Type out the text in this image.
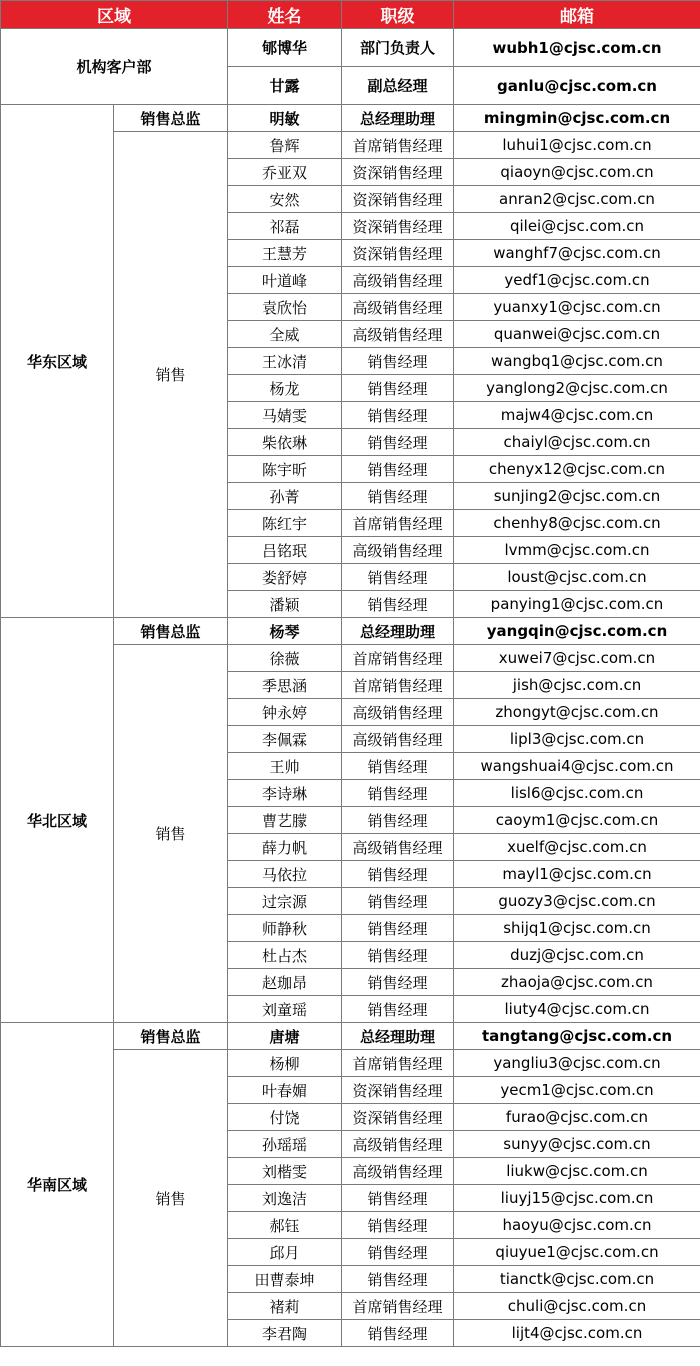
区域		姓名	职级	邮箱
机构客户部		郇博华	部门负责人	wubh1@cjsc.com.cn
		甘露	副总经理	ganlu@cjsc.com.cn
华东区域	销售总监	明敏	总经理助理	mingmin@cjsc.com.cn
	销售	鲁辉	首席销售经理	luhui1@cjsc.com.cn
		乔亚双	资深销售经理	qiaoyn@cjsc.com.cn
		安然	资深销售经理	anran2@cjsc.com.cn
		祁磊	资深销售经理	qilei@cjsc.com.cn
		王慧芳	资深销售经理	wanghf7@cjsc.com.cn
		叶道峰	高级销售经理	yedf1@cjsc.com.cn
		袁欣怡	高级销售经理	yuanxy1@cjsc.com.cn
		全威	高级销售经理	quanwei@cjsc.com.cn
		王冰清	销售经理	wangbq1@cjsc.com.cn
		杨龙	销售经理	yanglong2@cjsc.com.cn
		马婧雯	销售经理	majw4@cjsc.com.cn
		柴依琳	销售经理	chaiyl@cjsc.com.cn
		陈宇昕	销售经理	chenyx12@cjsc.com.cn
		孙菁	销售经理	sunjing2@cjsc.com.cn
		陈红宇	首席销售经理	chenhy8@cjsc.com.cn
		吕铭珉	高级销售经理	lvmm@cjsc.com.cn
		娄舒婷	销售经理	loust@cjsc.com.cn
		潘颖	销售经理	panying1@cjsc.com.cn
华北区域	销售总监	杨琴	总经理助理	yangqin@cjsc.com.cn
	销售	徐薇	首席销售经理	xuwei7@cjsc.com.cn
		季思涵	首席销售经理	jish@cjsc.com.cn
		钟永婷	高级销售经理	zhongyt@cjsc.com.cn
		李佩霖	高级销售经理	lipl3@cjsc.com.cn
		王帅	销售经理	wangshuai4@cjsc.com.cn
		李诗琳	销售经理	lisl6@cjsc.com.cn
		曹艺朦	销售经理	caoym1@cjsc.com.cn
		薛力帆	高级销售经理	xuelf@cjsc.com.cn
		马依拉	销售经理	mayl1@cjsc.com.cn
		过宗源	销售经理	guozy3@cjsc.com.cn
		师静秋	销售经理	shijq1@cjsc.com.cn
		杜占杰	销售经理	duzj@cjsc.com.cn
		赵珈昂	销售经理	zhaoja@cjsc.com.cn
		刘童瑶	销售经理	liuty4@cjsc.com.cn
华南区域	销售总监	唐塘	总经理助理	tangtang@cjsc.com.cn
	销售	杨柳	首席销售经理	yangliu3@cjsc.com.cn
		叶春媚	资深销售经理	yecm1@cjsc.com.cn
		付饶	资深销售经理	furao@cjsc.com.cn
		孙瑶瑶	高级销售经理	sunyy@cjsc.com.cn
		刘楷雯	高级销售经理	liukw@cjsc.com.cn
		刘逸洁	销售经理	liuyj15@cjsc.com.cn
		郝钰	销售经理	haoyu@cjsc.com.cn
		邱月	销售经理	qiuyue1@cjsc.com.cn
		田曹泰坤	销售经理	tianctk@cjsc.com.cn
		褚莉	首席销售经理	chuli@cjsc.com.cn
		李君陶	销售经理	lijt4@cjsc.com.cn
